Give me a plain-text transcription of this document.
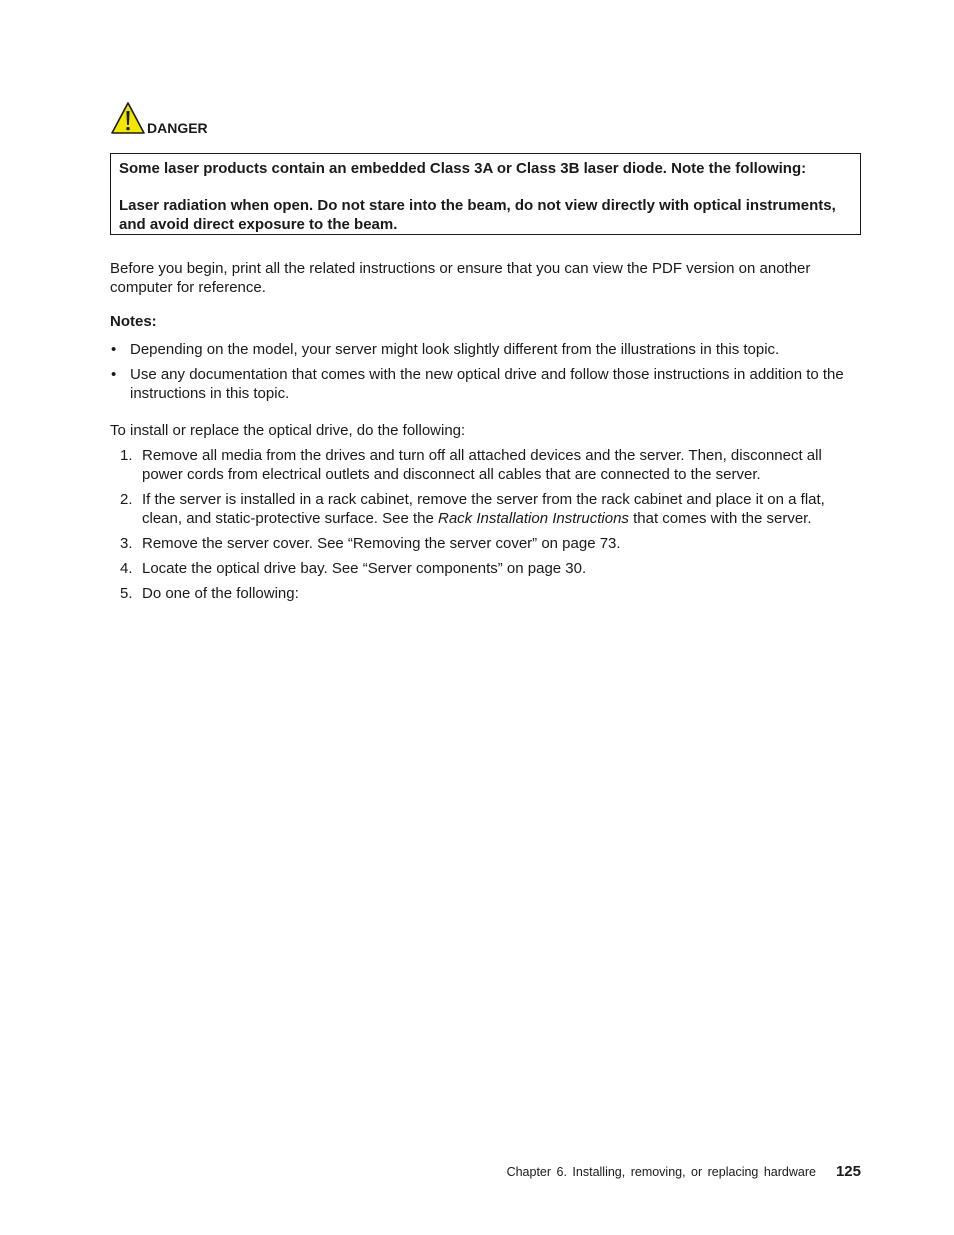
DANGER

Some laser products contain an embedded Class 3A or Class 3B laser diode. Note the following:

Laser radiation when open. Do not stare into the beam, do not view directly with optical instruments, and avoid direct exposure to the beam.

Before you begin, print all the related instructions or ensure that you can view the PDF version on another computer for reference.

Notes:

• Depending on the model, your server might look slightly different from the illustrations in this topic.
• Use any documentation that comes with the new optical drive and follow those instructions in addition to the instructions in this topic.

To install or replace the optical drive, do the following:

1. Remove all media from the drives and turn off all attached devices and the server. Then, disconnect all power cords from electrical outlets and disconnect all cables that are connected to the server.
2. If the server is installed in a rack cabinet, remove the server from the rack cabinet and place it on a flat, clean, and static-protective surface. See the Rack Installation Instructions that comes with the server.
3. Remove the server cover. See “Removing the server cover” on page 73.
4. Locate the optical drive bay. See “Server components” on page 30.
5. Do one of the following:
Chapter 6. Installing, removing, or replacing hardware 125
